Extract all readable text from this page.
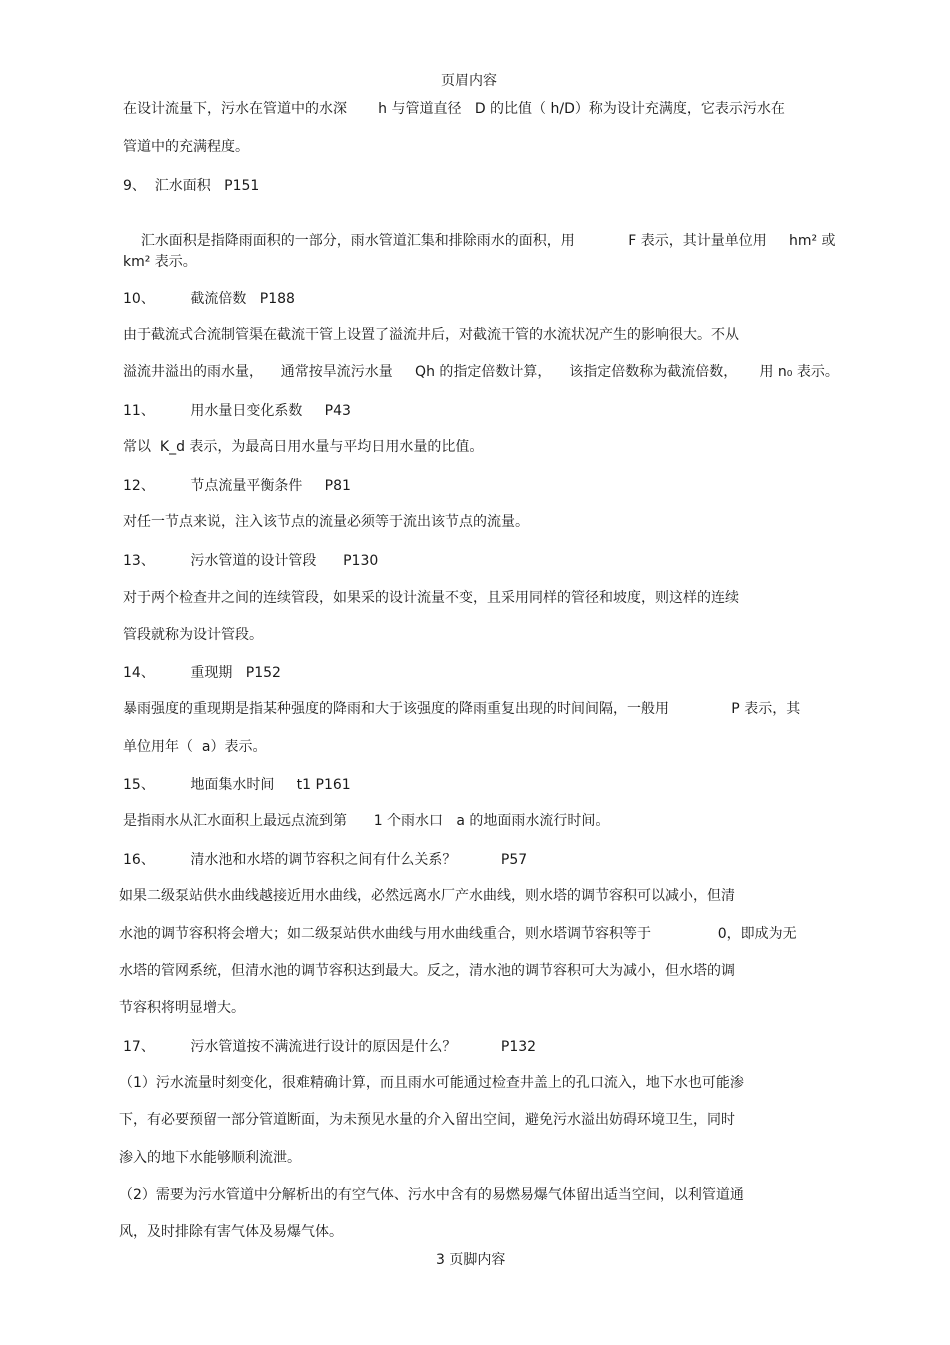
页眉内容
在设计流量下，污水在管道中的水深       h 与管道直径   D 的比值（ h/D）称为设计充满度，它表示污水在
管道中的充满程度。
9、  汇水面积   P151

汇水面积是指降雨面积的一部分，雨水管道汇集和排除雨水的面积，用            F 表示，其计量单位用     hm² 或

km² 表示。
10、        截流倍数   P188
由于截流式合流制管渠在截流干管上设置了溢流井后，对截流干管的水流状况产生的影响很大。不从
溢流井溢出的雨水量，    通常按旱流污水量     Qh 的指定倍数计算，    该指定倍数称为截流倍数，     用 n₀ 表示。
11、        用水量日变化系数     P43
常以  K_d 表示，为最高日用水量与平均日用水量的比值。
12、        节点流量平衡条件     P81
对任一节点来说，注入该节点的流量必须等于流出该节点的流量。
13、        污水管道的设计管段      P130
对于两个检查井之间的连续管段，如果采的设计流量不变，且采用同样的管径和坡度，则这样的连续
管段就称为设计管段。
14、        重现期   P152
暴雨强度的重现期是指某种强度的降雨和大于该强度的降雨重复出现的时间间隔，一般用              P 表示，其
单位用年（  a）表示。
15、        地面集水时间     t1 P161
是指雨水从汇水面积上最远点流到第      1 个雨水口   a 的地面雨水流行时间。
16、        清水池和水塔的调节容积之间有什么关系？          P57
如果二级泵站供水曲线越接近用水曲线，必然远离水厂产水曲线，则水塔的调节容积可以减小，但清
水池的调节容积将会增大；如二级泵站供水曲线与用水曲线重合，则水塔调节容积等于               0，即成为无
水塔的管网系统，但清水池的调节容积达到最大。反之，清水池的调节容积可大为减小，但水塔的调
节容积将明显增大。
17、        污水管道按不满流进行设计的原因是什么？          P132
（1）污水流量时刻变化，很难精确计算，而且雨水可能通过检查井盖上的孔口流入，地下水也可能渗
下，有必要预留一部分管道断面，为未预见水量的介入留出空间，避免污水溢出妨碍环境卫生，同时
渗入的地下水能够顺利流泄。
（2）需要为污水管道中分解析出的有空气体、污水中含有的易燃易爆气体留出适当空间，以利管道通
风，及时排除有害气体及易爆气体。
3 页脚内容
